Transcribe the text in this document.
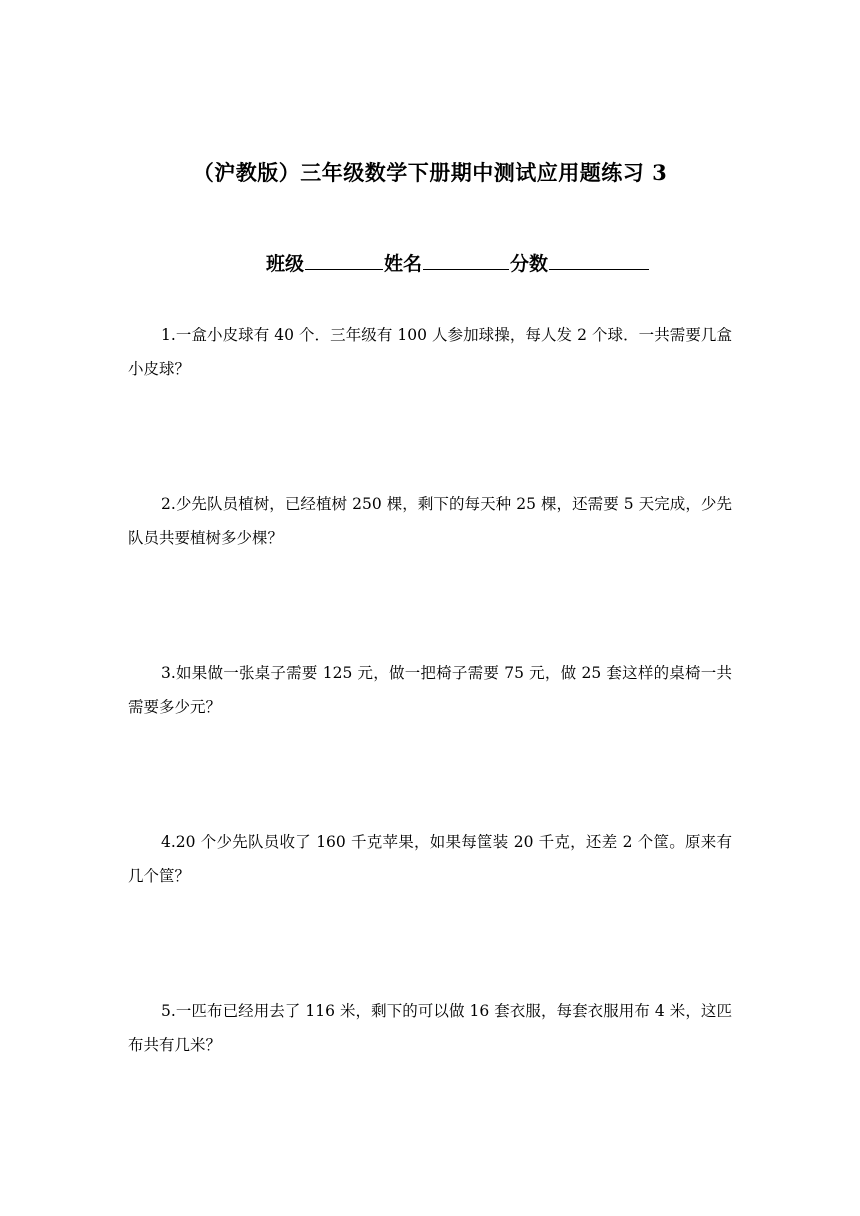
（沪教版）三年级数学下册期中测试应用题练习 3
班级	姓名	分数
1.一盒小皮球有 40 个．三年级有 100 人参加球操，每人发 2 个球．一共需要几盒小皮球？
2.少先队员植树，已经植树 250 棵，剩下的每天种 25 棵，还需要 5 天完成，少先队员共要植树多少棵？
3.如果做一张桌子需要 125 元，做一把椅子需要 75 元，做 25 套这样的桌椅一共需要多少元？
4.20 个少先队员收了 160 千克苹果，如果每筐装 20 千克，还差 2 个筐。原来有几个筐？
5.一匹布已经用去了 116 米，剩下的可以做 16 套衣服，每套衣服用布 4 米，这匹布共有几米？
